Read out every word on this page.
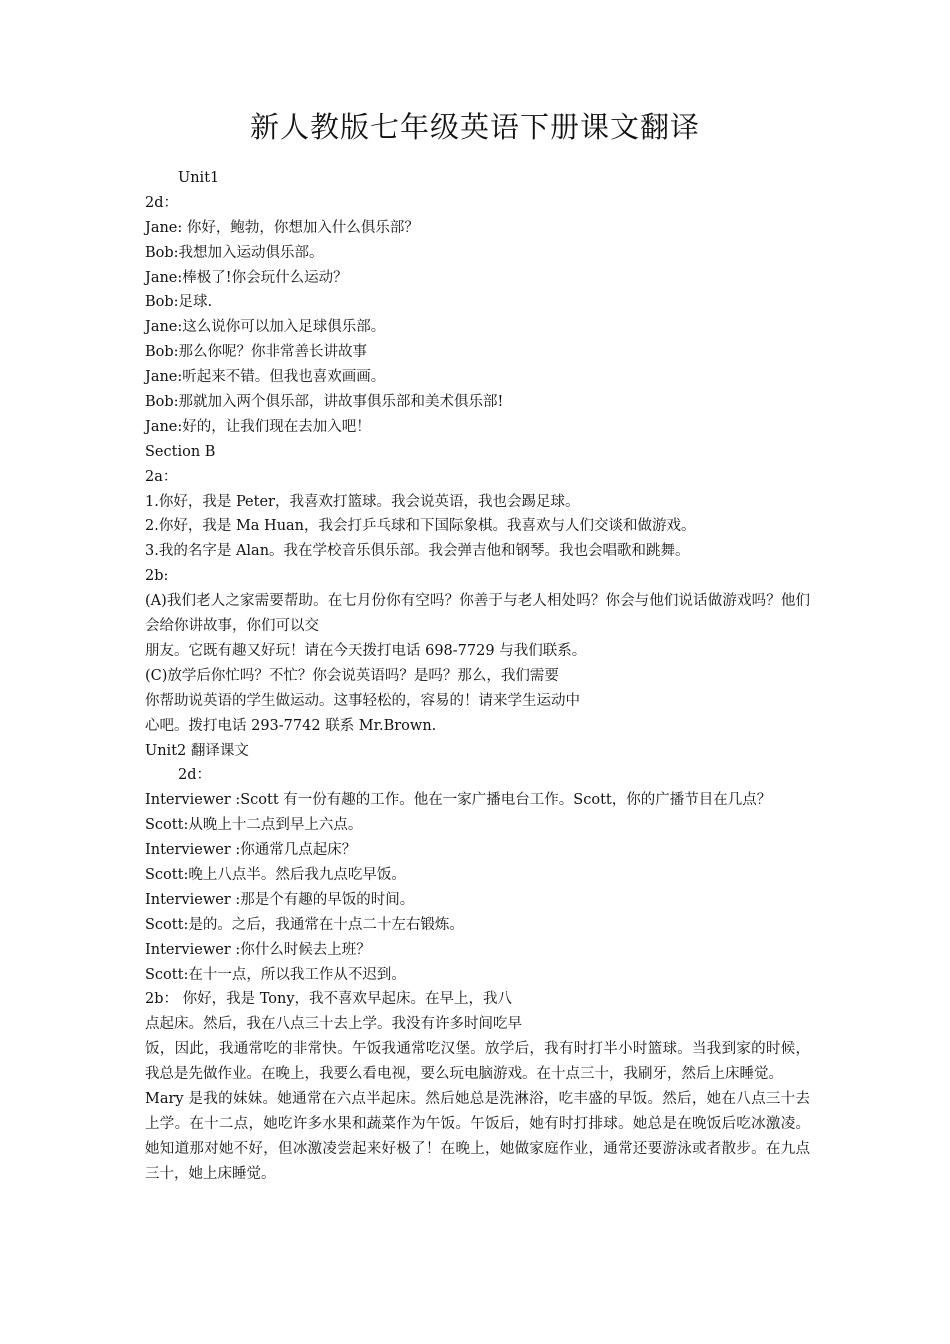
新人教版七年级英语下册课文翻译

Unit1

2d：

Jane: 你好，鲍勃，你想加入什么俱乐部？

Bob:我想加入运动俱乐部。

Jane:棒极了!你会玩什么运动？

Bob:足球.

Jane:这么说你可以加入足球俱乐部。

Bob:那么你呢？你非常善长讲故事

Jane:听起来不错。但我也喜欢画画。

Bob:那就加入两个俱乐部，讲故事俱乐部和美术俱乐部!

Jane:好的，让我们现在去加入吧！

Section B

2a：

1.你好，我是 Peter，我喜欢打篮球。我会说英语，我也会踢足球。

2.你好，我是 Ma Huan，我会打乒乓球和下国际象棋。我喜欢与人们交谈和做游戏。

3.我的名字是 Alan。我在学校音乐俱乐部。我会弹吉他和钢琴。我也会唱歌和跳舞。

2b:

(A)我们老人之家需要帮助。在七月份你有空吗？你善于与老人相处吗？你会与他们说话做游戏吗？他们会给你讲故事，你们可以交

朋友。它既有趣又好玩！请在今天拨打电话 698-7729 与我们联系。

(C)放学后你忙吗？不忙？你会说英语吗？是吗？那么，我们需要

你帮助说英语的学生做运动。这事轻松的，容易的！请来学生运动中

心吧。拨打电话 293-7742 联系 Mr.Brown.

Unit2 翻译课文

2d：

Interviewer :Scott 有一份有趣的工作。他在一家广播电台工作。Scott，你的广播节目在几点？

Scott:从晚上十二点到早上六点。

Interviewer :你通常几点起床？

Scott:晚上八点半。然后我九点吃早饭。

Interviewer :那是个有趣的早饭的时间。

Scott:是的。之后，我通常在十点二十左右锻炼。

Interviewer :你什么时候去上班？

Scott:在十一点，所以我工作从不迟到。

2b： 你好，我是 Tony，我不喜欢早起床。在早上，我八

点起床。然后，我在八点三十去上学。我没有许多时间吃早

饭，因此，我通常吃的非常快。午饭我通常吃汉堡。放学后，我有时打半小时篮球。当我到家的时候，我总是先做作业。在晚上，我要么看电视，要么玩电脑游戏。在十点三十，我刷牙，然后上床睡觉。

Mary 是我的妹妹。她通常在六点半起床。然后她总是洗淋浴，吃丰盛的早饭。然后，她在八点三十去上学。在十二点，她吃许多水果和蔬菜作为午饭。午饭后，她有时打排球。她总是在晚饭后吃冰激凌。她知道那对她不好，但冰激凌尝起来好极了！在晚上，她做家庭作业，通常还要游泳或者散步。在九点三十，她上床睡觉。
